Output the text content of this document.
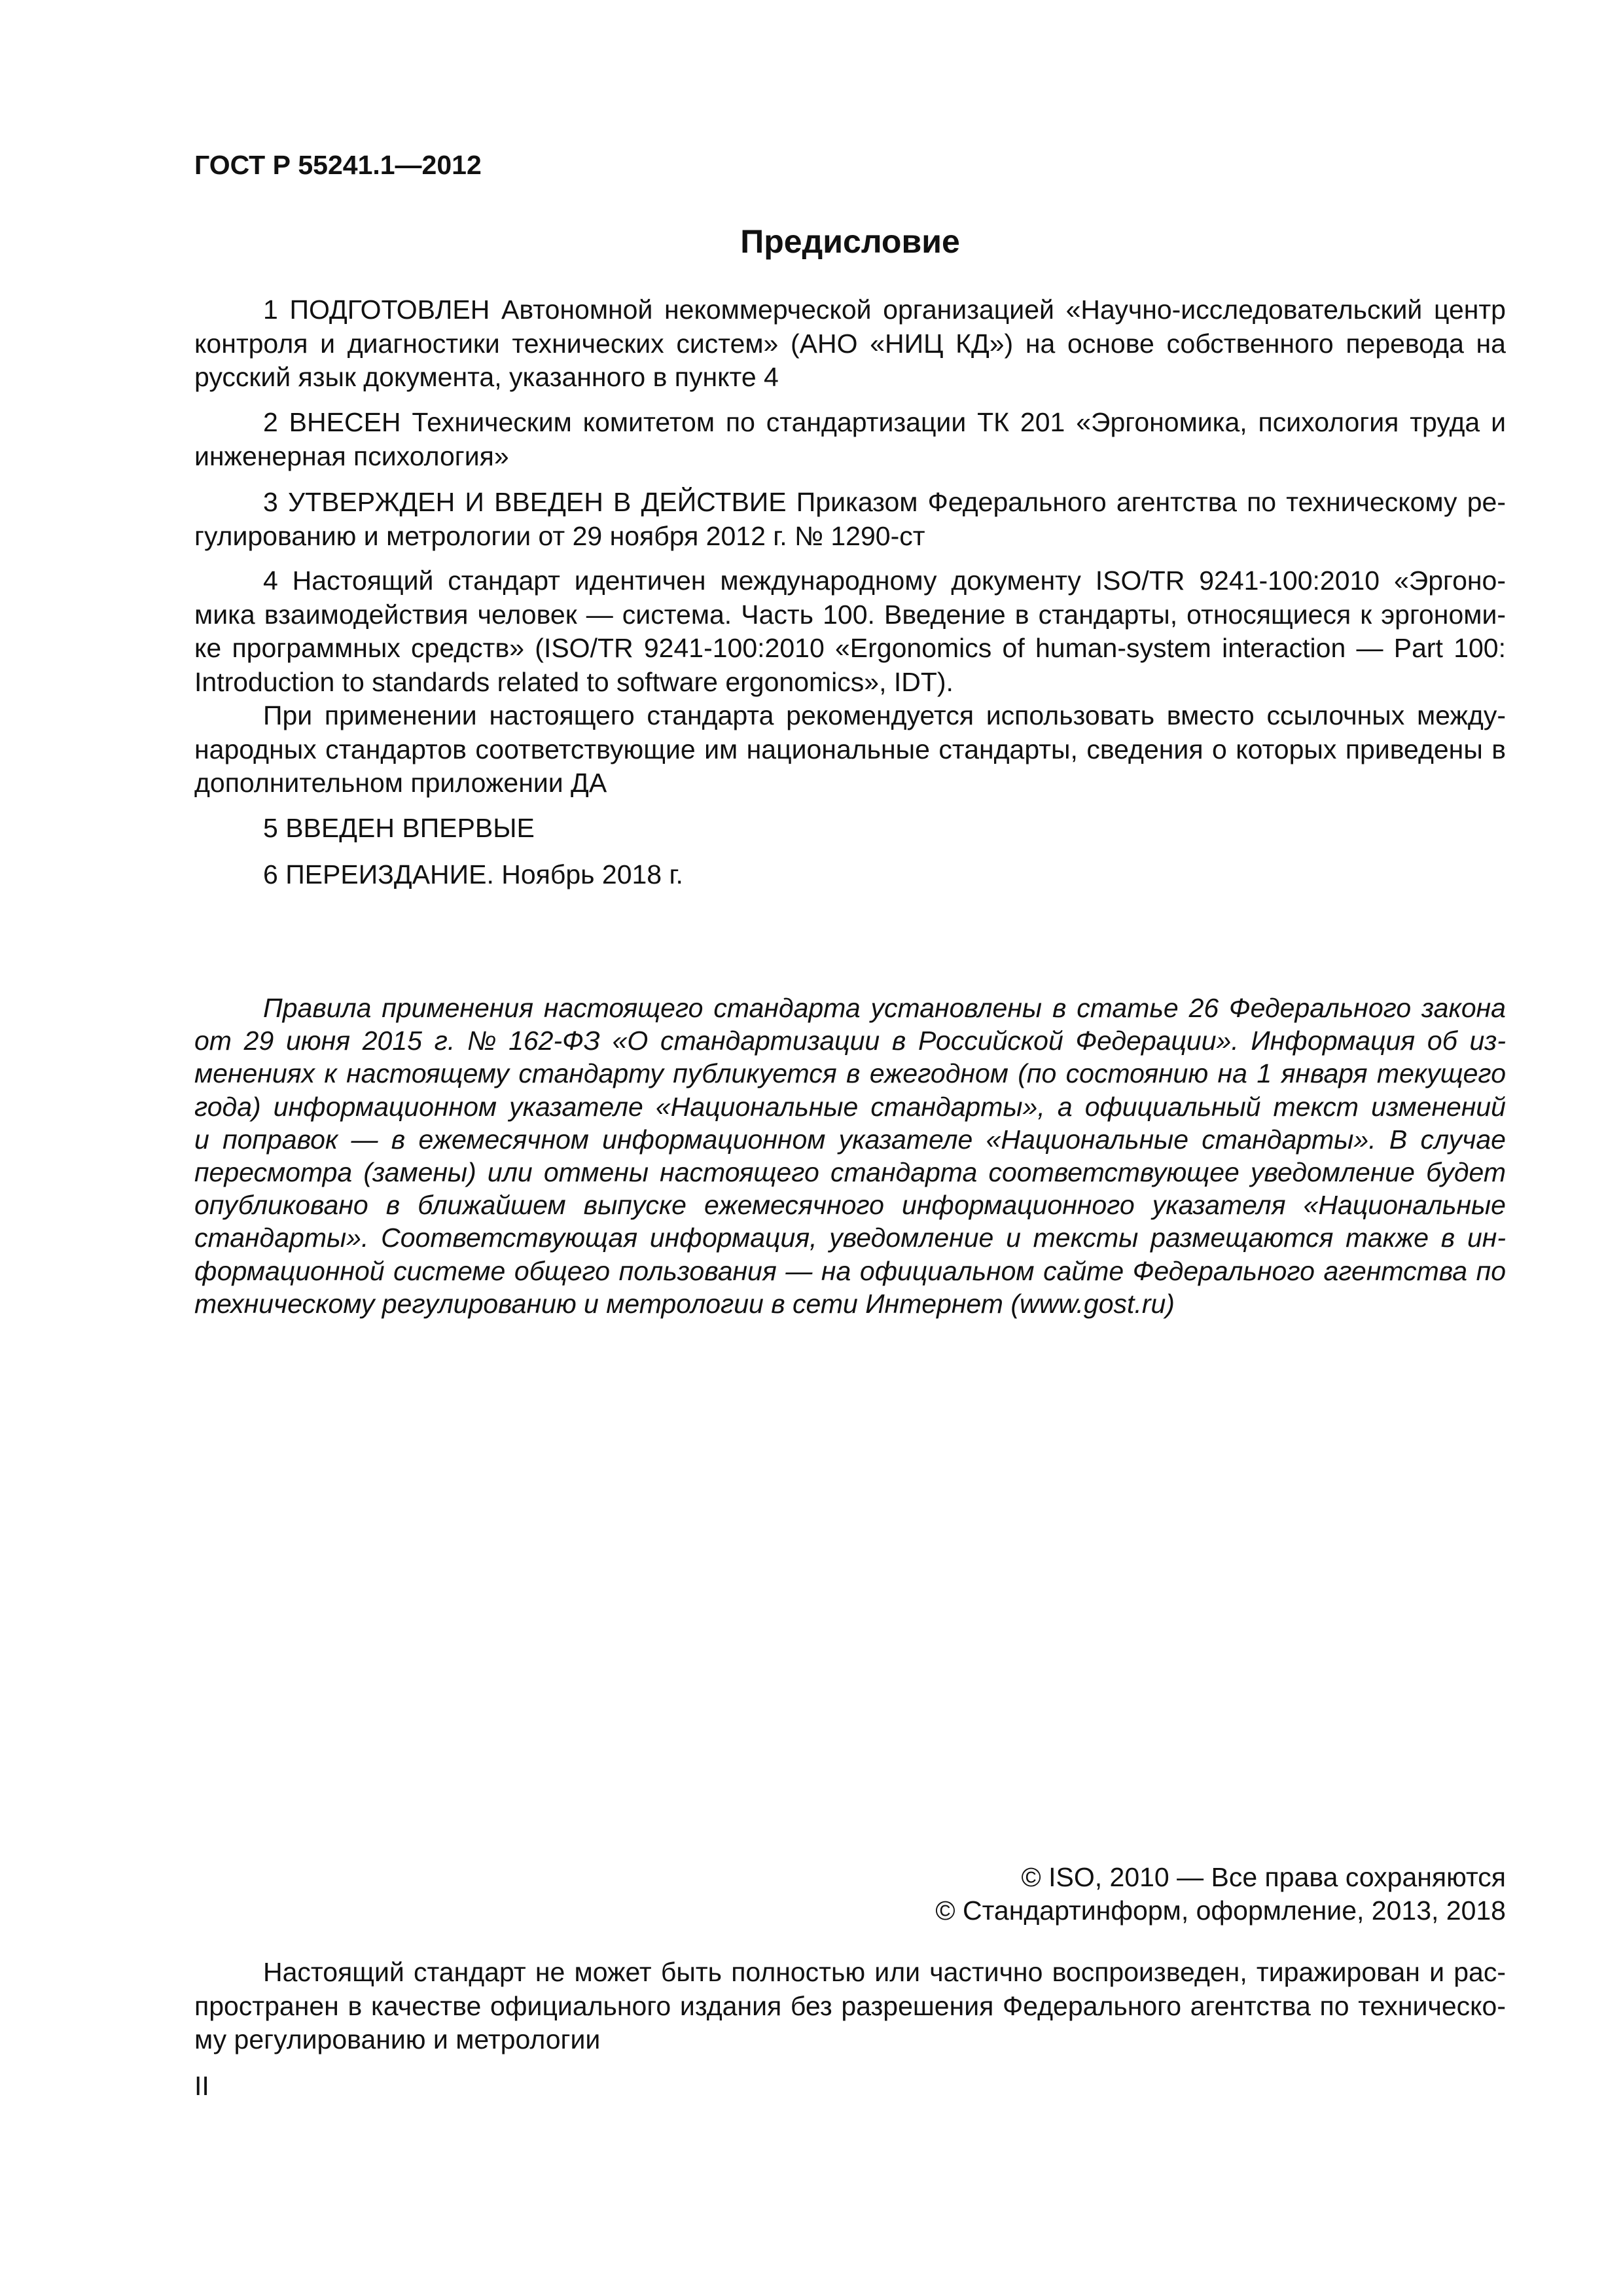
ГОСТ Р 55241.1—2012
Предисловие
1 ПОДГОТОВЛЕН Автономной некоммерческой организацией «Научно-исследовательский центр
контроля и диагностики технических систем» (АНО «НИЦ КД») на основе собственного перевода на
русский язык документа, указанного в пункте 4
2 ВНЕСЕН Техническим комитетом по стандартизации ТК 201 «Эргономика, психология труда и
инженерная психология»
3 УТВЕРЖДЕН И ВВЕДЕН В ДЕЙСТВИЕ Приказом Федерального агентства по техническому ре-
гулированию и метрологии от 29 ноября 2012 г. № 1290-ст
4 Настоящий стандарт идентичен международному документу ISO/TR 9241-100:2010 «Эргоно-
мика взаимодействия человек — система. Часть 100. Введение в стандарты, относящиеся к эргономи-
ке программных средств» (ISO/TR 9241-100:2010 «Ergonomics of human-system interaction — Part 100:
Introduction to standards related to software ergonomics», IDT).
При применении настоящего стандарта рекомендуется использовать вместо ссылочных между-
народных стандартов соответствующие им национальные стандарты, сведения о которых приведены в
дополнительном приложении ДА
5 ВВЕДЕН ВПЕРВЫЕ
6 ПЕРЕИЗДАНИЕ. Ноябрь 2018 г.
Правила применения настоящего стандарта установлены в статье 26 Федерального закона
от 29 июня 2015 г. № 162-ФЗ «О стандартизации в Российской Федерации». Информация об из-
менениях к настоящему стандарту публикуется в ежегодном (по состоянию на 1 января текущего
года) информационном указателе «Национальные стандарты», а официальный текст изменений
и поправок — в ежемесячном информационном указателе «Национальные стандарты». В случае
пересмотра (замены) или отмены настоящего стандарта соответствующее уведомление будет
опубликовано в ближайшем выпуске ежемесячного информационного указателя «Национальные
стандарты». Соответствующая информация, уведомление и тексты размещаются также в ин-
формационной системе общего пользования — на официальном сайте Федерального агентства по
техническому регулированию и метрологии в сети Интернет (www.gost.ru)
© ISO, 2010 — Все права сохраняются
© Стандартинформ, оформление, 2013, 2018
Настоящий стандарт не может быть полностью или частично воспроизведен, тиражирован и рас-
пространен в качестве официального издания без разрешения Федерального агентства по техническо-
му регулированию и метрологии
II
